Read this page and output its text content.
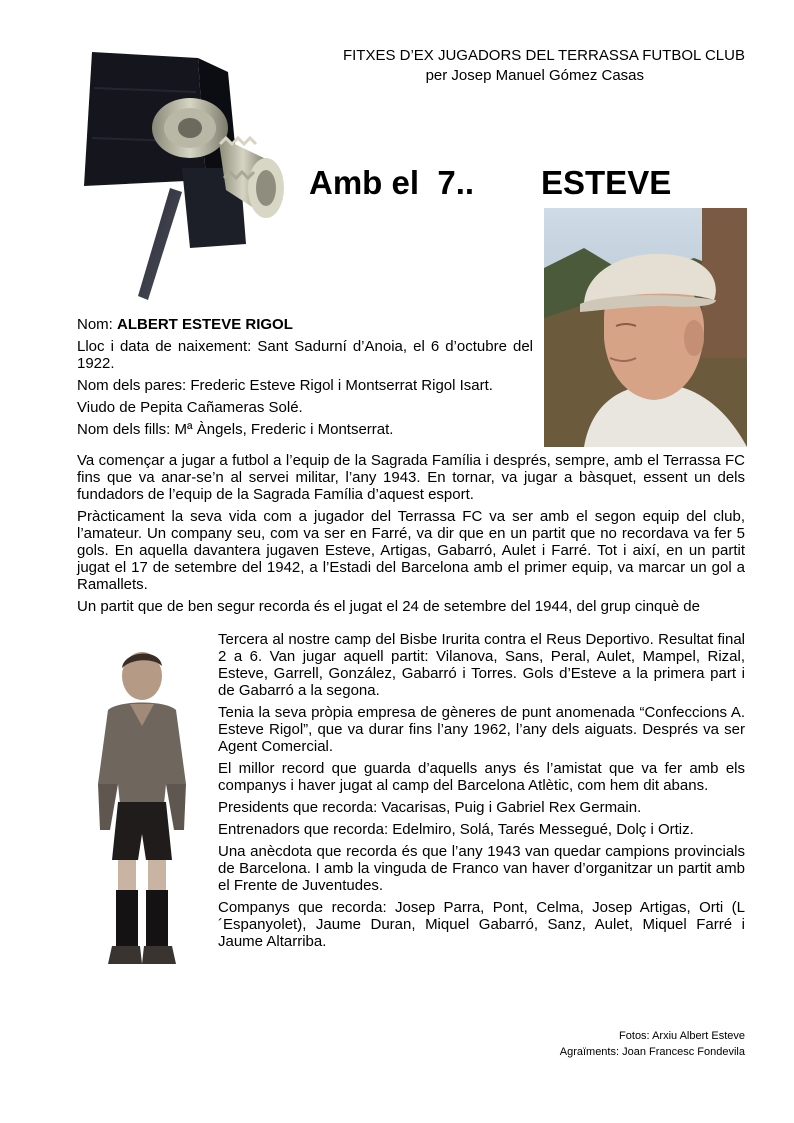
FITXES D’EX JUGADORS DEL TERRASSA FUTBOL CLUB
per Josep Manuel Gómez Casas
Amb el  7.. ESTEVE
Nom: ALBERT ESTEVE RIGOL
Lloc i data de naixement: Sant Sadurní d’Anoia, el 6 d’octubre del 1922.
Nom dels pares: Frederic Esteve Rigol i Montserrat Rigol Isart.
Viudo de Pepita Cañameras Solé.
Nom dels fills: Mª Àngels, Frederic i Montserrat.
Va començar a jugar a futbol a l’equip de la Sagrada Família i després, sempre, amb el Terrassa FC fins que va anar-se’n al servei militar, l’any 1943. En tornar, va jugar a bàsquet, essent un dels fundadors de l’equip de la Sagrada Família d’aquest esport.
Pràcticament la seva vida com a jugador del Terrassa FC va ser amb el segon equip del club, l’amateur. Un company seu, com va ser en Farré, va dir que en un partit que no recordava va fer 5 gols. En aquella davantera jugaven Esteve, Artigas, Gabarró, Aulet i Farré. Tot i així, en un partit jugat el 17 de setembre del 1942, a l’Estadi del Barcelona amb el primer equip, va marcar un gol a Ramallets.
Un partit que de ben segur recorda és el jugat el 24 de setembre del 1944, del grup cinquè de
Tercera al nostre camp del Bisbe Irurita contra el Reus Deportivo. Resultat final 2 a 6. Van jugar aquell partit: Vilanova, Sans, Peral, Aulet, Mampel, Rizal, Esteve, Garrell, González, Gabarró i Torres. Gols d’Esteve a la primera part i de Gabarró a la segona.
Tenia la seva pròpia empresa de gèneres de punt anomenada “Confeccions A. Esteve Rigol”, que va durar fins l’any 1962, l’any dels aiguats. Després va ser Agent Comercial.
El millor record que guarda d’aquells anys és l’amistat que va fer amb els companys i haver jugat al camp del Barcelona Atlètic, com hem dit abans.
Presidents que recorda: Vacarisas, Puig i Gabriel Rex Germain.
Entrenadors que recorda: Edelmiro, Solá, Tarés Messegué, Dolç i Ortiz.
Una anècdota que recorda és que l’any 1943 van quedar campions provincials de Barcelona. I amb la vinguda de Franco van haver d’organitzar un partit amb el Frente de Juventudes.
Companys que recorda: Josep Parra, Pont, Celma, Josep Artigas, Orti (L´Espanyolet), Jaume Duran, Miquel Gabarró, Sanz, Aulet, Miquel Farré i Jaume Altarriba.
Fotos: Arxiu Albert Esteve
Agraïments: Joan Francesc Fondevila
